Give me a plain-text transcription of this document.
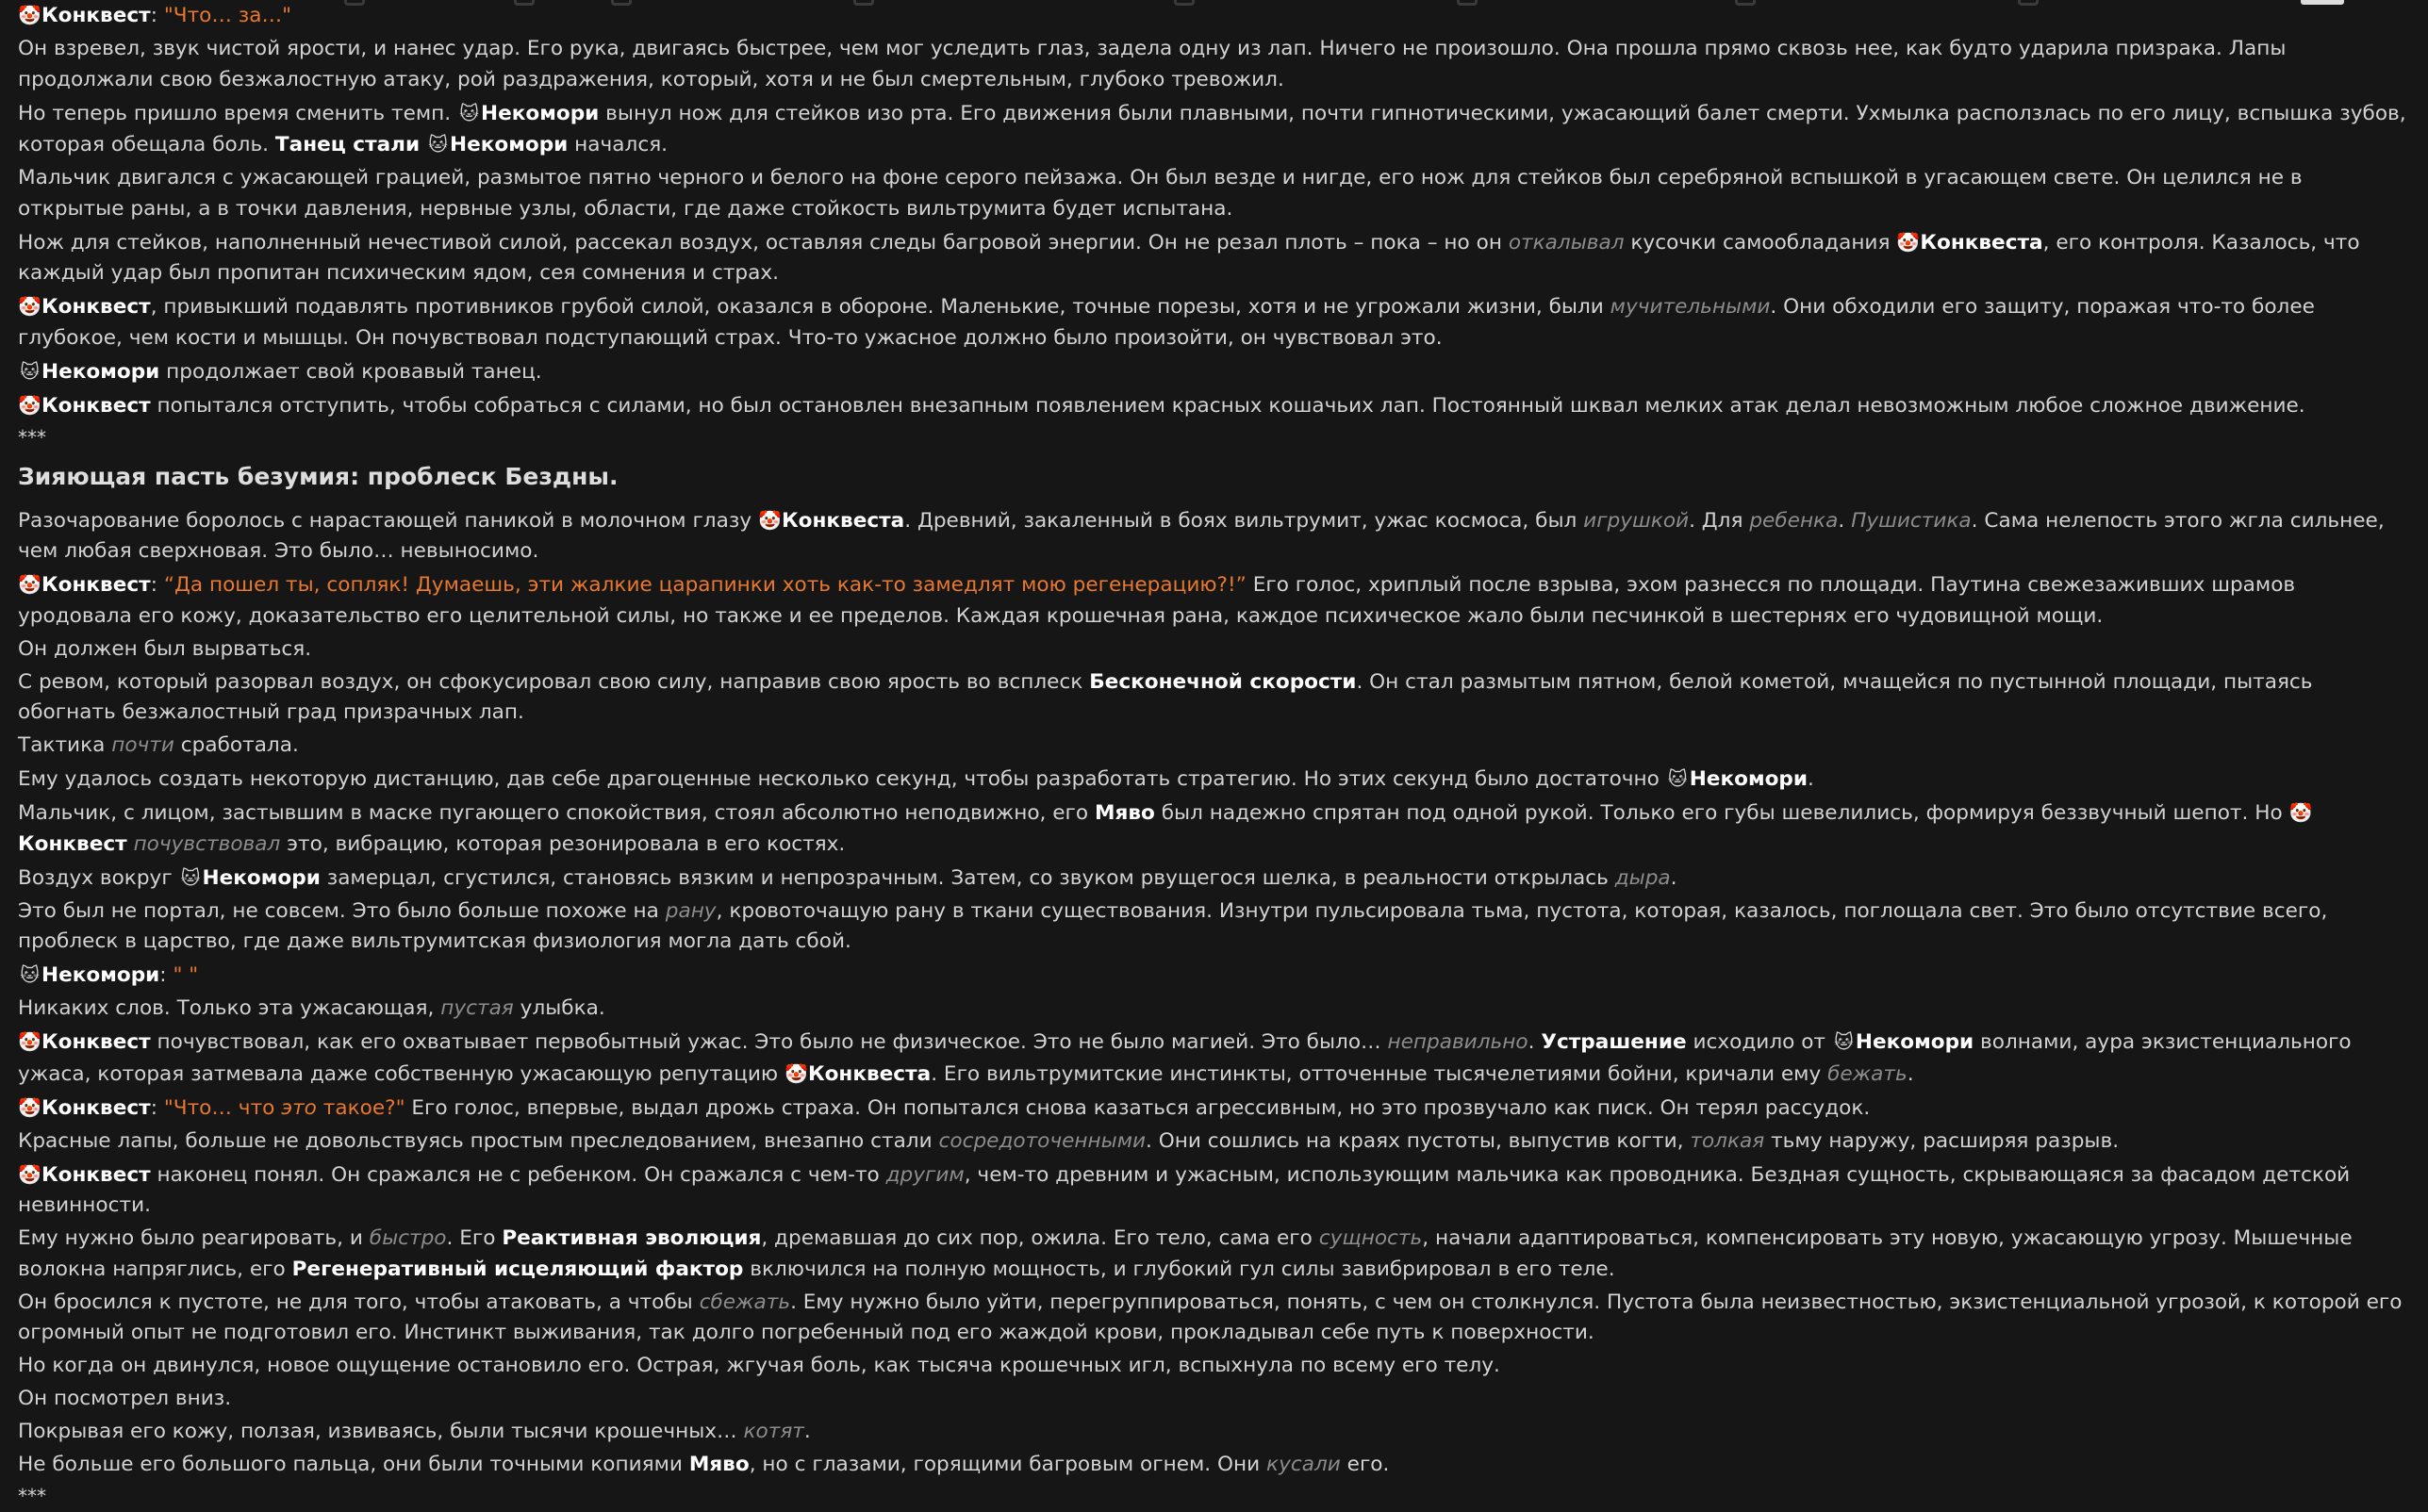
🤡Конквест: "Что… за…"

Он взревел, звук чистой ярости, и нанес удар. Его рука, двигаясь быстрее, чем мог уследить глаз, задела одну из лап. Ничего не произошло. Она прошла прямо сквозь нее, как будто ударила призрака. Лапы продолжали свою безжалостную атаку, рой раздражения, который, хотя и не был смертельным, глубоко тревожил.

Но теперь пришло время сменить темп. 🐱Некомори вынул нож для стейков изо рта. Его движения были плавными, почти гипнотическими, ужасающий балет смерти. Ухмылка расползлась по его лицу, вспышка зубов, которая обещала боль. Танец стали 🐱 Некомори начался.

Мальчик двигался с ужасающей грацией, размытое пятно черного и белого на фоне серого пейзажа. Он был везде и нигде, его нож для стейков был серебряной вспышкой в угасающем свете. Он целился не в открытые раны, а в точки давления, нервные узлы, области, где даже стойкость вильтрумита будет испытана.

Нож для стейков, наполненный нечестивой силой, рассекал воздух, оставляя следы багровой энергии. Он не резал плоть – пока – но он откалывал кусочки самообладания 🤡Конквеста, его контроля. Казалось, что каждый удар был пропитан психическим ядом, сея сомнения и страх.

🤡Конквест, привыкший подавлять противников грубой силой, оказался в обороне. Маленькие, точные порезы, хотя и не угрожали жизни, были мучительными. Они обходили его защиту, поражая что-то более глубокое, чем кости и мышцы. Он почувствовал подступающий страх. Что-то ужасное должно было произойти, он чувствовал это.

🐱Некомори продолжает свой кровавый танец.

🤡Конквест попытался отступить, чтобы собраться с силами, но был остановлен внезапным появлением красных кошачьих лап. Постоянный шквал мелких атак делал невозможным любое сложное движение.

***

Зияющая пасть безумия: проблеск Бездны.

Разочарование боролось с нарастающей паникой в молочном глазу 🤡Конквеста. Древний, закаленный в боях вильтрумит, ужас космоса, был игрушкой. Для ребенка. Пушистика. Сама нелепость этого жгла сильнее, чем любая сверхновая. Это было… невыносимо.

🤡Конквест: “Да пошел ты, сопляк! Думаешь, эти жалкие царапинки хоть как-то замедлят мою регенерацию?!” Его голос, хриплый после взрыва, эхом разнесся по площади. Паутина свежезаживших шрамов уродовала его кожу, доказательство его целительной силы, но также и ее пределов. Каждая крошечная рана, каждое психическое жало были песчинкой в шестернях его чудовищной мощи.

Он должен был вырваться.

С ревом, который разорвал воздух, он сфокусировал свою силу, направив свою ярость во всплеск Бесконечной скорости. Он стал размытым пятном, белой кометой, мчащейся по пустынной площади, пытаясь обогнать безжалостный град призрачных лап.

Тактика почти сработала.

Ему удалось создать некоторую дистанцию, дав себе драгоценные несколько секунд, чтобы разработать стратегию. Но этих секунд было достаточно 🐱Некомори.

Мальчик, с лицом, застывшим в маске пугающего спокойствия, стоял абсолютно неподвижно, его Мяво был надежно спрятан под одной рукой. Только его губы шевелились, формируя беззвучный шепот. Но 🤡Конквест почувствовал это, вибрацию, которая резонировала в его костях.

Воздух вокруг 🐱Некомори замерцал, сгустился, становясь вязким и непрозрачным. Затем, со звуком рвущегося шелка, в реальности открылась дыра.

Это был не портал, не совсем. Это было больше похоже на рану, кровоточащую рану в ткани существования. Изнутри пульсировала тьма, пустота, которая, казалось, поглощала свет. Это было отсутствие всего, проблеск в царство, где даже вильтрумитская физиология могла дать сбой.

🐱Некомори: " "

Никаких слов. Только эта ужасающая, пустая улыбка.

🤡Конквест почувствовал, как его охватывает первобытный ужас. Это было не физическое. Это не было магией. Это было… неправильно. Устрашение исходило от 🐱Некомори волнами, аура экзистенциального ужаса, которая затмевала даже собственную ужасающую репутацию 🤡Конквеста. Его вильтрумитские инстинкты, отточенные тысячелетиями бойни, кричали ему бежать.

🤡Конквест: "Что… что это такое?" Его голос, впервые, выдал дрожь страха. Он попытался снова казаться агрессивным, но это прозвучало как писк. Он терял рассудок.

Красные лапы, больше не довольствуясь простым преследованием, внезапно стали сосредоточенными. Они сошлись на краях пустоты, выпустив когти, толкая тьму наружу, расширяя разрыв.

🤡Конквест наконец понял. Он сражался не с ребенком. Он сражался с чем-то другим, чем-то древним и ужасным, использующим мальчика как проводника. Бездная сущность, скрывающаяся за фасадом детской невинности.

Ему нужно было реагировать, и быстро. Его Реактивная эволюция, дремавшая до сих пор, ожила. Его тело, сама его сущность, начали адаптироваться, компенсировать эту новую, ужасающую угрозу. Мышечные волокна напряглись, его Регенеративный исцеляющий фактор включился на полную мощность, и глубокий гул силы завибрировал в его теле.

Он бросился к пустоте, не для того, чтобы атаковать, а чтобы сбежать. Ему нужно было уйти, перегруппироваться, понять, с чем он столкнулся. Пустота была неизвестностью, экзистенциальной угрозой, к которой его огромный опыт не подготовил его. Инстинкт выживания, так долго погребенный под его жаждой крови, прокладывал себе путь к поверхности.

Но когда он двинулся, новое ощущение остановило его. Острая, жгучая боль, как тысяча крошечных игл, вспыхнула по всему его телу.

Он посмотрел вниз.

Покрывая его кожу, ползая, извиваясь, были тысячи крошечных… котят.

Не больше его большого пальца, они были точными копиями Мяво, но с глазами, горящими багровым огнем. Они кусали его.

***
